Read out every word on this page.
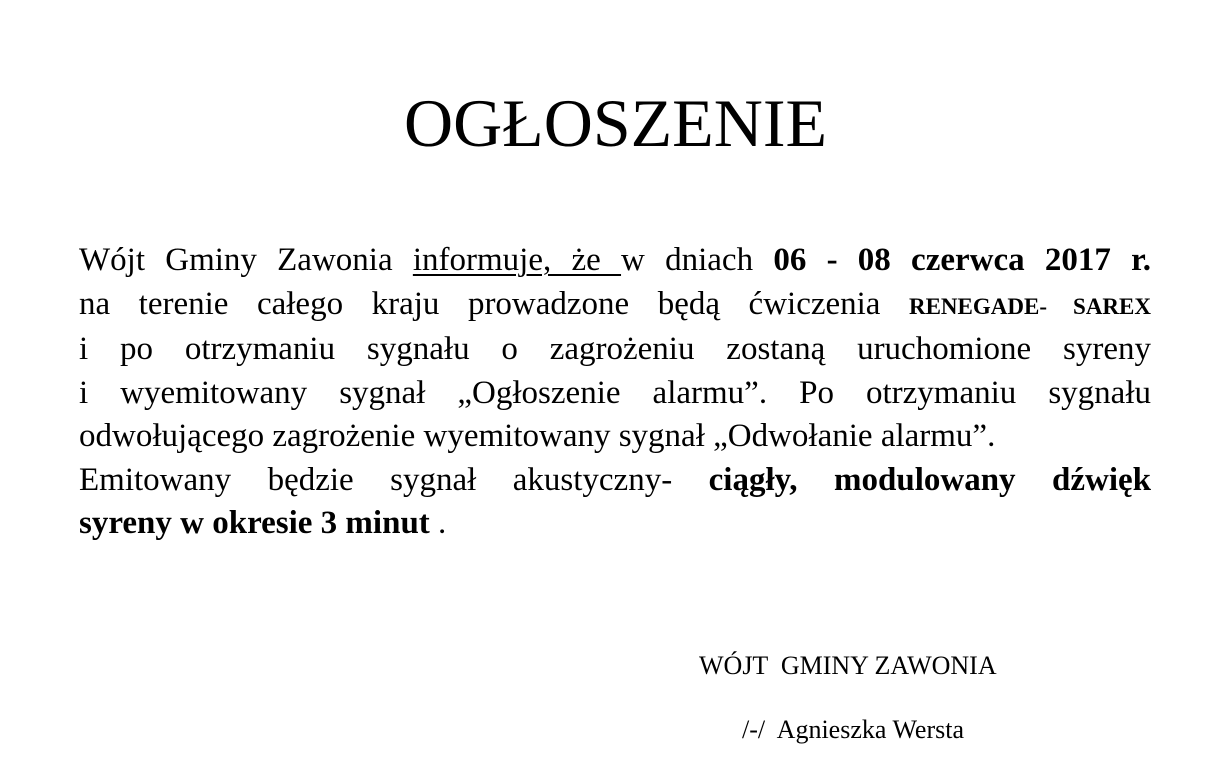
OGŁOSZENIE
Wójt Gminy Zawonia informuje, że w dniach 06 - 08 czerwca 2017 r.
na terenie całego kraju prowadzone będą ćwiczenia RENEGADE- SAREX
i po otrzymaniu sygnału o zagrożeniu zostaną uruchomione syreny
i wyemitowany sygnał „Ogłoszenie alarmu”. Po otrzymaniu sygnału
odwołującego zagrożenie wyemitowany sygnał „Odwołanie alarmu”.
Emitowany będzie sygnał akustyczny- ciągły, modulowany dźwięk
syreny w okresie 3 minut .
WÓJT  GMINY ZAWONIA
/-/  Agnieszka Wersta
